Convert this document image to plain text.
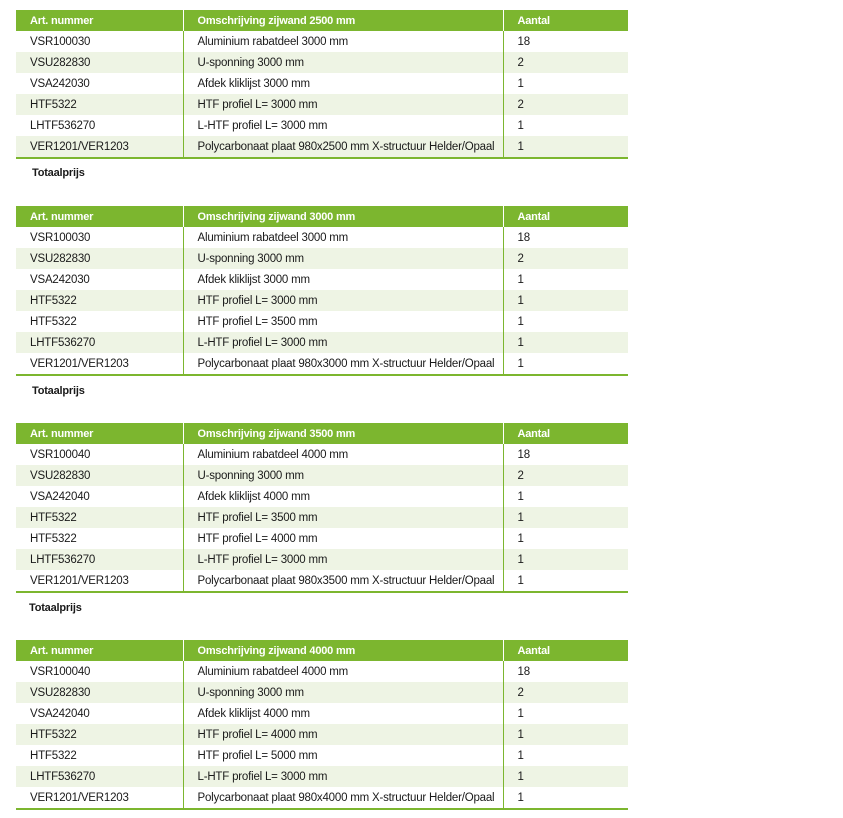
Art. nummer	Omschrijving zijwand 2500 mm	Aantal
VSR100030	Aluminium rabatdeel 3000 mm	18
VSU282830	U-sponning 3000 mm	2
VSA242030	Afdek kliklijst 3000 mm	1
HTF5322	HTF profiel L= 3000 mm	2
LHTF536270	L-HTF profiel L= 3000 mm	1
VER1201/VER1203	Polycarbonaat plaat 980x2500 mm X-structuur Helder/Opaal	1
Totaalprijs
Art. nummer	Omschrijving zijwand 3000 mm	Aantal
VSR100030	Aluminium rabatdeel 3000 mm	18
VSU282830	U-sponning 3000 mm	2
VSA242030	Afdek kliklijst 3000 mm	1
HTF5322	HTF profiel L= 3000 mm	1
HTF5322	HTF profiel L= 3500 mm	1
LHTF536270	L-HTF profiel L= 3000 mm	1
VER1201/VER1203	Polycarbonaat plaat 980x3000 mm X-structuur Helder/Opaal	1
Totaalprijs
Art. nummer	Omschrijving zijwand 3500 mm	Aantal
VSR100040	Aluminium rabatdeel 4000 mm	18
VSU282830	U-sponning 3000 mm	2
VSA242040	Afdek kliklijst 4000 mm	1
HTF5322	HTF profiel L= 3500 mm	1
HTF5322	HTF profiel L= 4000 mm	1
LHTF536270	L-HTF profiel L= 3000 mm	1
VER1201/VER1203	Polycarbonaat plaat 980x3500 mm X-structuur Helder/Opaal	1
Totaalprijs
Art. nummer	Omschrijving zijwand 4000 mm	Aantal
VSR100040	Aluminium rabatdeel 4000 mm	18
VSU282830	U-sponning 3000 mm	2
VSA242040	Afdek kliklijst 4000 mm	1
HTF5322	HTF profiel L= 4000 mm	1
HTF5322	HTF profiel L= 5000 mm	1
LHTF536270	L-HTF profiel L= 3000 mm	1
VER1201/VER1203	Polycarbonaat plaat 980x4000 mm X-structuur Helder/Opaal	1
